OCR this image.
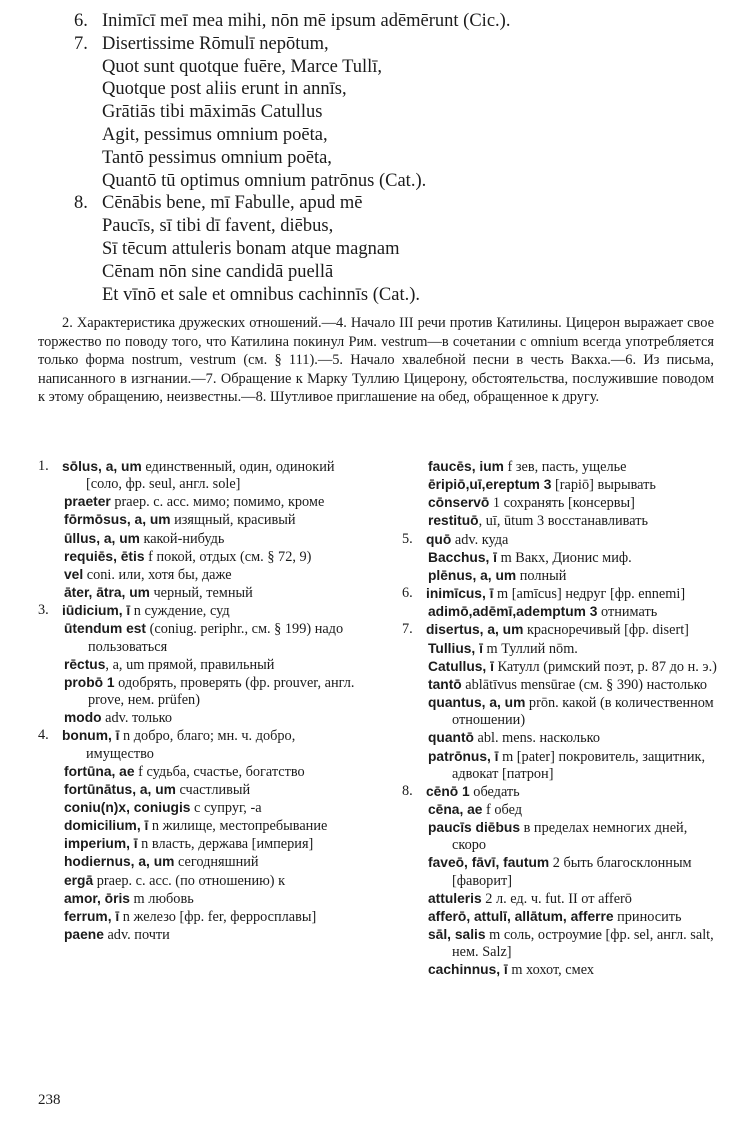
6. Inimīcī meī mea mihi, nōn mē ipsum adēmērunt (Cic.).
7. Disertissime Rōmulī nepōtum,
Quot sunt quotque fuēre, Marce Tullī,
Quotque post aliis erunt in annīs,
Grātiās tibi māximās Catullus
Agit, pessimus omnium poēta,
Tantō pessimus omnium poēta,
Quantō tū optimus omnium patrōnus (Cat.).
8. Cēnābis bene, mī Fabulle, apud mē
Paucīs, sī tibi dī favent, diēbus,
Sī tēcum attuleris bonam atque magnam
Cēnam nōn sine candidā puellā
Et vīnō et sale et omnibus cachinnīs (Cat.).
2. Характеристика дружеских отношений.—4. Начало III речи против Катилины. Цицерон выражает свое торжество по поводу того, что Катилина покинул Рим. vestrum—в сочетании с omnium всегда употребляется только форма nostrum, vestrum (см. § 111).—5. Начало хвалебной песни в честь Вакха.—6. Из письма, написанного в изгнании.—7. Обращение к Марку Туллию Цицерону, обстоятельства, послужившие поводом к этому обращению, неизвестны.—8. Шутливое приглашение на обед, обращенное к другу.
1. sōlus, a, um единственный, один, одинокий [соло, фр. seul, англ. sole]
praeter praep. c. acc. мимо; помимо, кроме
fōrmōsus, a, um изящный, красивый
ūllus, a, um какой-нибудь
requiēs, ētis f покой, отдых (см. § 72, 9)
vel coni. или, хотя бы, даже
āter, ātra, um черный, темный
3. iūdicium, ī n суждение, суд
ūtendum est (coniug. periphr., см. § 199) надо пользоваться
rēctus, a, um прямой, правильный
probō 1 одобрять, проверять (фр. prouver, англ. prove, нем. prüfen)
modo adv. только
4. bonum, ī n добро, благо; мн. ч. добро, имущество
fortūna, ae f судьба, счастье, богатство
fortūnātus, a, um счастливый
coniu(n)x, coniugis c супруг, -а
domicilium, ī n жилище, местопребывание
imperium, ī n власть, держава [империя]
hodiernus, a, um сегодняшний
ergā praep. c. acc. (по отношению) к
amor, ōris m любовь
ferrum, ī n железо [фр. fer, ферросплавы]
paene adv. почти
faucēs, ium f зев, пасть, ущелье
ēripiō,uī,ereptum 3 [rapiō] вырывать
cōnservō 1 сохранять [консервы]
restituō, uī, ūtum 3 восстанавливать
5. quō adv. куда
Bacchus, ī m Вакх, Дионис миф.
plēnus, a, um полный
6. inimīcus, ī m [amīcus] недруг [фр. ennemi]
adimō,adēmī,ademptum 3 отнимать
7. disertus, a, um красноречивый [фр. disert]
Tullius, ī m Туллий nōm.
Catullus, ī Катулл (римский поэт, р. 87 до н. э.)
tantō ablātīvus mensūrae (см. § 390) настолько
quantus, a, um prōn. какой (в количественном отношении)
quantō abl. mens. насколько
patrōnus, ī m [pater] покровитель, защитник, адвокат [патрон]
8. cēnō 1 обедать
cēna, ae f обед
paucīs diēbus в пределах немногих дней, скоро
faveō, fāvī, fautum 2 быть благосклонным [фаворит]
attuleris 2 л. ед. ч. fut. II от afferō
afferō, attulī, allātum, afferre приносить
sāl, salis m соль, остроумие [фр. sel, англ. salt, нем. Salz]
cachinnus, ī m хохот, смех
238
